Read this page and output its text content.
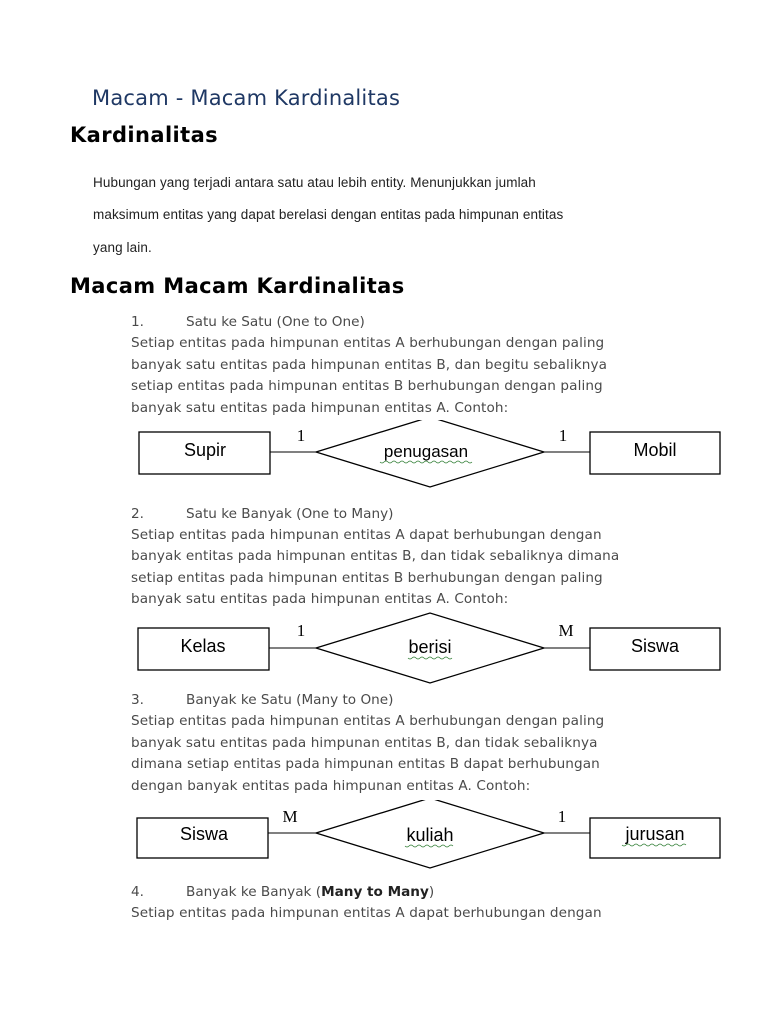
Macam - Macam Kardinalitas
Kardinalitas
Hubungan yang terjadi antara satu atau lebih entity. Menunjukkan jumlah
maksimum entitas yang dapat berelasi dengan entitas pada himpunan entitas
yang lain.
Macam Macam Kardinalitas
1.	Satu ke Satu (One to One)
Setiap entitas pada himpunan entitas A berhubungan dengan paling
banyak satu entitas pada himpunan entitas B, dan begitu sebaliknya
setiap entitas pada himpunan entitas B berhubungan dengan paling
banyak satu entitas pada himpunan entitas A. Contoh:
Supir	penugasan	Mobil
1	1
2.	Satu ke Banyak (One to Many)
Setiap entitas pada himpunan entitas A dapat berhubungan dengan
banyak entitas pada himpunan entitas B, dan tidak sebaliknya dimana
setiap entitas pada himpunan entitas B berhubungan dengan paling
banyak satu entitas pada himpunan entitas A. Contoh:
Kelas	berisi	Siswa
1	M
3.	Banyak ke Satu (Many to One)
Setiap entitas pada himpunan entitas A berhubungan dengan paling
banyak satu entitas pada himpunan entitas B, dan tidak sebaliknya
dimana setiap entitas pada himpunan entitas B dapat berhubungan
dengan banyak entitas pada himpunan entitas A. Contoh:
Siswa	kuliah	jurusan
M	1
4.	Banyak ke Banyak (Many to Many)
Setiap entitas pada himpunan entitas A dapat berhubungan dengan
